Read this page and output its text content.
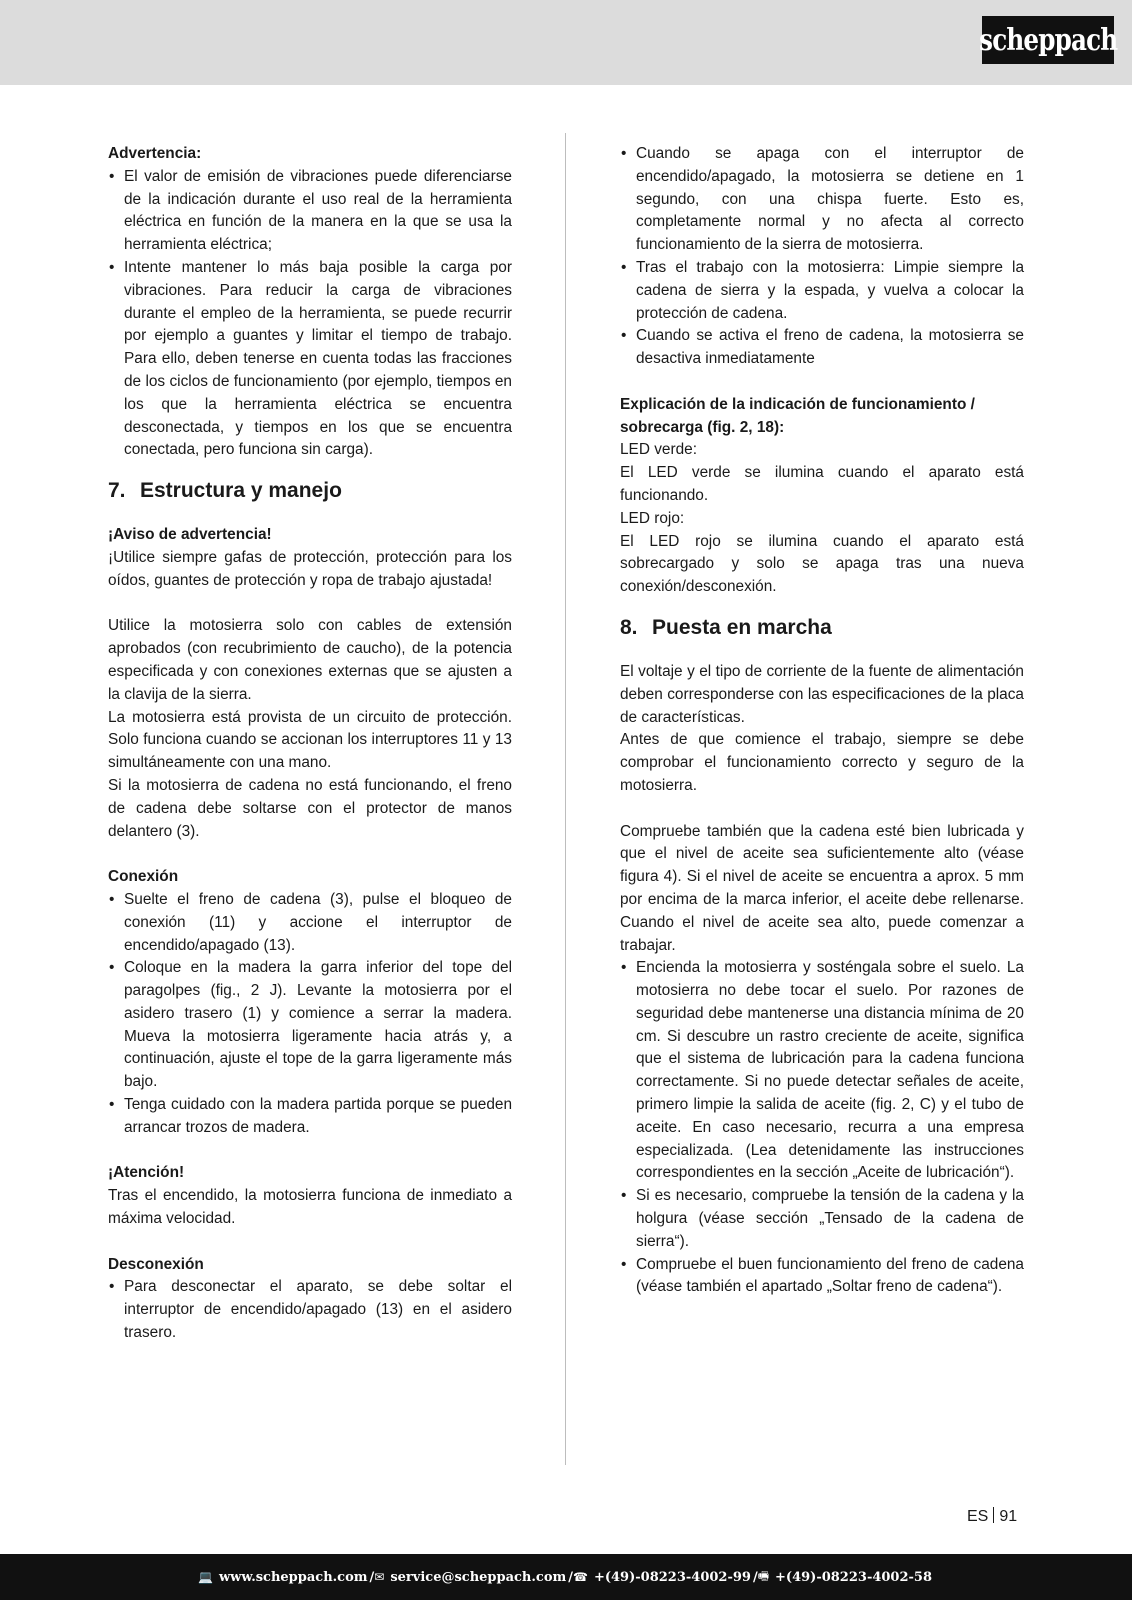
scheppach

Advertencia:

• El valor de emisión de vibraciones puede diferenciarse de la indicación durante el uso real de la herramienta eléctrica en función de la manera en la que se usa la herramienta eléctrica;
• Intente mantener lo más baja posible la carga por vibraciones. Para reducir la carga de vibraciones durante el empleo de la herramienta, se puede recurrir por ejemplo a guantes y limitar el tiempo de trabajo. Para ello, deben tenerse en cuenta todas las fracciones de los ciclos de funcionamiento (por ejemplo, tiempos en los que la herramienta eléctrica se encuentra desconectada, y tiempos en los que se encuentra conectada, pero funciona sin carga).
7. Estructura y manejo

¡Aviso de advertencia!

¡Utilice siempre gafas de protección, protección para los oídos, guantes de protección y ropa de trabajo ajustada!

Utilice la motosierra solo con cables de extensión aprobados (con recubrimiento de caucho), de la potencia especificada y con conexiones externas que se ajusten a la clavija de la sierra.

La motosierra está provista de un circuito de protección. Solo funciona cuando se accionan los interruptores 11 y 13 simultáneamente con una mano.

Si la motosierra de cadena no está funcionando, el freno de cadena debe soltarse con el protector de manos delantero (3).

Conexión

• Suelte el freno de cadena (3), pulse el bloqueo de conexión (11) y accione el interruptor de encendido/apagado (13).
• Coloque en la madera la garra inferior del tope del paragolpes (fig., 2 J). Levante la motosierra por el asidero trasero (1) y comience a serrar la madera. Mueva la motosierra ligeramente hacia atrás y, a continuación, ajuste el tope de la garra ligeramente más bajo.
• Tenga cuidado con la madera partida porque se pueden arrancar trozos de madera.

¡Atención!

Tras el encendido, la motosierra funciona de inmediato a máxima velocidad.

Desconexión

• Para desconectar el aparato, se debe soltar el interruptor de encendido/apagado (13) en el asidero trasero.
• Cuando se apaga con el interruptor de encendido/apagado, la motosierra se detiene en 1 segundo, con una chispa fuerte. Esto es, completamente normal y no afecta al correcto funcionamiento de la sierra de motosierra.
• Tras el trabajo con la motosierra: Limpie siempre la cadena de sierra y la espada, y vuelva a colocar la protección de cadena.
• Cuando se activa el freno de cadena, la motosierra se desactiva inmediatamente

Explicación de la indicación de funcionamiento / sobrecarga (fig. 2, 18):

LED verde:

El LED verde se ilumina cuando el aparato está funcionando.

LED rojo:

El LED rojo se ilumina cuando el aparato está sobrecargado y solo se apaga tras una nueva conexión/desconexión.

8. Puesta en marcha

El voltaje y el tipo de corriente de la fuente de alimentación deben corresponderse con las especificaciones de la placa de características.

Antes de que comience el trabajo, siempre se debe comprobar el funcionamiento correcto y seguro de la motosierra.

Compruebe también que la cadena esté bien lubricada y que el nivel de aceite sea suficientemente alto (véase figura 4). Si el nivel de aceite se encuentra a aprox. 5 mm por encima de la marca inferior, el aceite debe rellenarse. Cuando el nivel de aceite sea alto, puede comenzar a trabajar.

• Encienda la motosierra y sosténgala sobre el suelo. La motosierra no debe tocar el suelo. Por razones de seguridad debe mantenerse una distancia mínima de 20 cm. Si descubre un rastro creciente de aceite, significa que el sistema de lubricación para la cadena funciona correctamente. Si no puede detectar señales de aceite, primero limpie la salida de aceite (fig. 2, C) y el tubo de aceite. En caso necesario, recurra a una empresa especializada. (Lea detenidamente las instrucciones correspondientes en la sección „Aceite de lubricación“).
• Si es necesario, compruebe la tensión de la cadena y la holgura (véase sección „Tensado de la cadena de sierra“).
• Compruebe el buen funcionamiento del freno de cadena (véase también el apartado „Soltar freno de cadena“).
ES 91
💻 www.scheppach.com / ✉ service@scheppach.com / ☎ +(49)-08223-4002-99 / 🖷 +(49)-08223-4002-58
